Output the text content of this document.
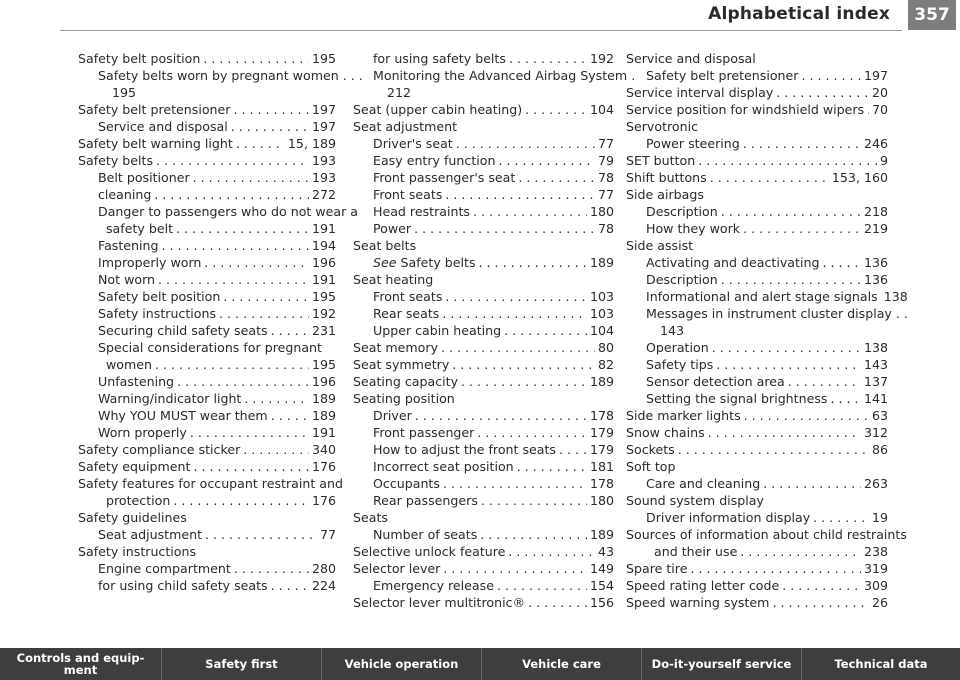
Alphabetical index	357
Safety belt position . . .	195
Safety belts worn by pregnant women . . .
195
Safety belt pretensioner . . .	197
Service and disposal . . .	197
Safety belt warning light . . .	15, 189
Safety belts . . .	193
Belt positioner . . .	193
cleaning . . .	272
Danger to passengers who do not wear a
safety belt . . .	191
Fastening . . .	194
Improperly worn . . .	196
Not worn . . .	191
Safety belt position . . .	195
Safety instructions . . .	192
Securing child safety seats . . .	231
Special considerations for pregnant
women . . .	195
Unfastening . . .	196
Warning/indicator light . . .	189
Why YOU MUST wear them . . .	189
Worn properly . . .	191
Safety compliance sticker . . .	340
Safety equipment . . .	176
Safety features for occupant restraint and
protection . . .	176
Safety guidelines
Seat adjustment . . .	77
Safety instructions
Engine compartment . . .	280
for using child safety seats . . .	224
for using safety belts . . .	192
Monitoring the Advanced Airbag System .
212
Seat (upper cabin heating) . . .	104
Seat adjustment
Driver's seat . . .	77
Easy entry function . . .	79
Front passenger's seat . . .	78
Front seats . . .	77
Head restraints . . .	180
Power . . .	78
Seat belts
See Safety belts . . .	189
Seat heating
Front seats . . .	103
Rear seats . . .	103
Upper cabin heating . . .	104
Seat memory . . .	80
Seat symmetry . . .	82
Seating capacity . . .	189
Seating position
Driver . . .	178
Front passenger . . .	179
How to adjust the front seats . . .	179
Incorrect seat position . . .	181
Occupants . . .	178
Rear passengers . . .	180
Seats
Number of seats . . .	189
Selective unlock feature . . .	43
Selector lever . . .	149
Emergency release . . .	154
Selector lever multitronic® . . .	156
Service and disposal
Safety belt pretensioner . . .	197
Service interval display . . .	20
Service position for windshield wipers . . . 70
Servotronic
Power steering . . .	246
SET button . . .	9
Shift buttons . . .	153, 160
Side airbags
Description . . .	218
How they work . . .	219
Side assist
Activating and deactivating . . .	136
Description . . .	136
Informational and alert stage signals 138
Messages in instrument cluster display . .
143
Operation . . .	138
Safety tips . . .	143
Sensor detection area . . .	137
Setting the signal brightness . . .	141
Side marker lights . . .	63
Snow chains . . .	312
Sockets . . .	86
Soft top
Care and cleaning . . .	263
Sound system display
Driver information display . . .	19
Sources of information about child restraints
and their use . . .	238
Spare tire . . .	319
Speed rating letter code . . .	309
Speed warning system . . .	26
Controls and equip- ment	Safety first	Vehicle operation	Vehicle care	Do-it-yourself service	Technical data
